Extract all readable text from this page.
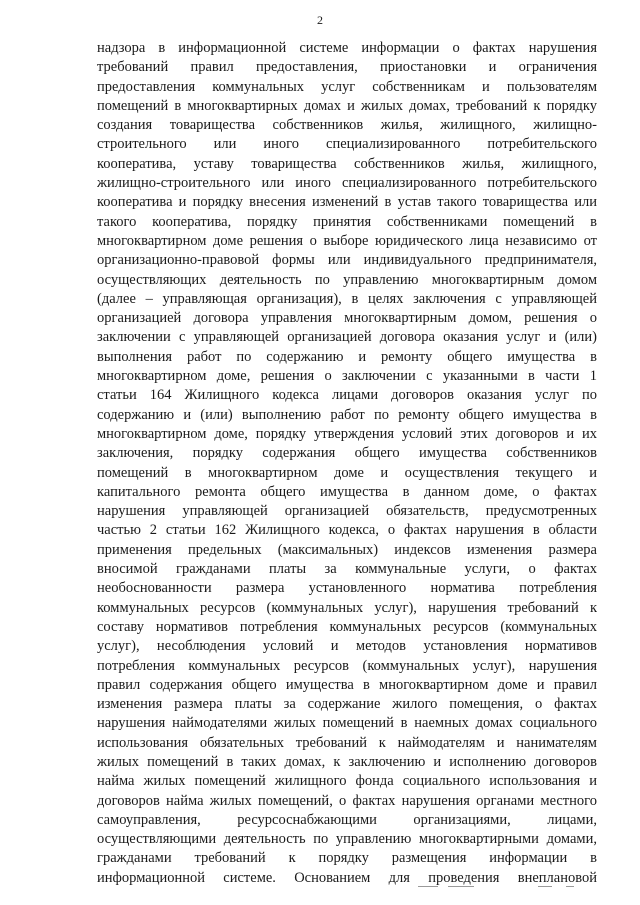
2
надзора в информационной системе информации о фактах нарушения
требований правил предоставления, приостановки и ограничения
предоставления коммунальных услуг собственникам и пользователям
помещений в многоквартирных домах и жилых домах, требований к порядку
создания товарищества собственников жилья, жилищного, жилищно-
строительного или иного специализированного потребительского
кооператива, уставу товарищества собственников жилья, жилищного,
жилищно-строительного или иного специализированного потребительского
кооператива и порядку внесения изменений в устав такого товарищества или
такого кооператива, порядку принятия собственниками помещений в
многоквартирном доме решения о выборе юридического лица независимо от
организационно-правовой формы или индивидуального предпринимателя,
осуществляющих деятельность по управлению многоквартирным домом
(далее – управляющая организация), в целях заключения с управляющей
организацией договора управления многоквартирным домом, решения о
заключении с управляющей организацией договора оказания услуг и (или)
выполнения работ по содержанию и ремонту общего имущества в
многоквартирном доме, решения о заключении с указанными в части 1
статьи 164 Жилищного кодекса лицами договоров оказания услуг по
содержанию и (или) выполнению работ по ремонту общего имущества в
многоквартирном доме, порядку утверждения условий этих договоров и их
заключения, порядку содержания общего имущества собственников
помещений в многоквартирном доме и осуществления текущего и
капитального ремонта общего имущества в данном доме, о фактах
нарушения управляющей организацией обязательств, предусмотренных
частью 2 статьи 162 Жилищного кодекса, о фактах нарушения в области
применения предельных (максимальных) индексов изменения размера
вносимой гражданами платы за коммунальные услуги, о фактах
необоснованности размера установленного норматива потребления
коммунальных ресурсов (коммунальных услуг), нарушения требований к
составу нормативов потребления коммунальных ресурсов (коммунальных
услуг), несоблюдения условий и методов установления нормативов
потребления коммунальных ресурсов (коммунальных услуг), нарушения
правил содержания общего имущества в многоквартирном доме и правил
изменения размера платы за содержание жилого помещения, о фактах
нарушения наймодателями жилых помещений в наемных домах социального
использования обязательных требований к наймодателям и нанимателям
жилых помещений в таких домах, к заключению и исполнению договоров
найма жилых помещений жилищного фонда социального использования и
договоров найма жилых помещений, о фактах нарушения органами местного
самоуправления, ресурсоснабжающими организациями, лицами,
осуществляющими деятельность по управлению многоквартирными домами,
гражданами требований к порядку размещения информации в
информационной системе. Основанием для проведения внеплановой
